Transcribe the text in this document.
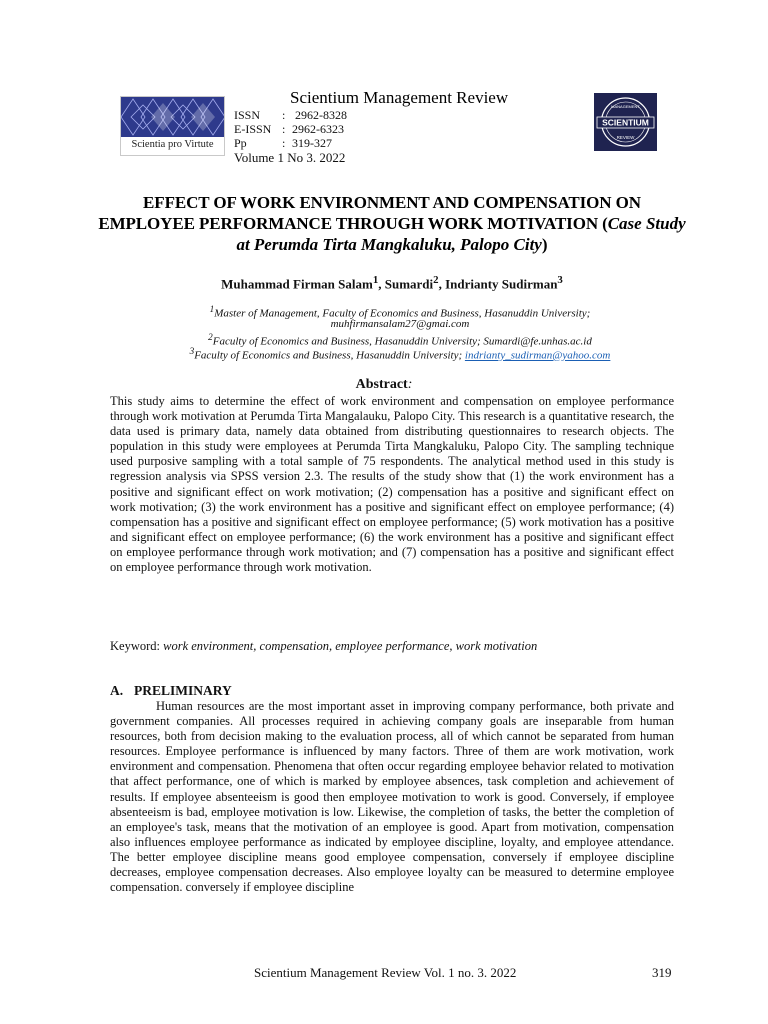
Scientia pro Virtute
Scientium Management Review
ISSN : 2962-8328
E-ISSN : 2962-6323
Pp	: 319-327
Volume 1 No 3. 2022
SCIENTIUM
MANAGEMENT
REVIEW
EFFECT OF WORK ENVIRONMENT AND COMPENSATION ON EMPLOYEE PERFORMANCE THROUGH WORK MOTIVATION (Case Study at Perumda Tirta Mangkaluku, Palopo City)
Muhammad Firman Salam$^1$, Sumardi$^2$, Indrianty Sudirman$^3$
$^1$Master of Management, Faculty of Economics and Business, Hasanuddin University;
muhfirmansalam27@gmai.com
$^2$Faculty of Economics and Business, Hasanuddin University; Sumardi@fe.unhas.ac.id
$^3$Faculty of Economics and Business, Hasanuddin University; indrianty_sudirman@yahoo.com
Abstract:
This study aims to determine the effect of work environment and compensation on employee performance through work motivation at Perumda Tirta Mangalauku, Palopo City. This research is a quantitative research, the data used is primary data, namely data obtained from distributing questionnaires to research objects. The population in this study were employees at Perumda Tirta Mangkaluku, Palopo City. The sampling technique used purposive sampling with a total sample of 75 respondents. The analytical method used in this study is regression analysis via SPSS version 2.3. The results of the study show that (1) the work environment has a positive and significant effect on work motivation; (2) compensation has a positive and significant effect on work motivation; (3) the work environment has a positive and significant effect on employee performance; (4) compensation has a positive and significant effect on employee performance; (5) work motivation has a positive and significant effect on employee performance; (6) the work environment has a positive and significant effect on employee performance through work motivation; and (7) compensation has a positive and significant effect on employee performance through work motivation.
Keyword: work environment, compensation, employee performance, work motivation
A. PRELIMINARY
Human resources are the most important asset in improving company performance, both private and government companies. All processes required in achieving company goals are inseparable from human resources, both from decision making to the evaluation process, all of which cannot be separated from human resources. Employee performance is influenced by many factors. Three of them are work motivation, work environment and compensation. Phenomena that often occur regarding employee behavior related to motivation that affect performance, one of which is marked by employee absences, task completion and achievement of results. If employee absenteeism is good then employee motivation to work is good. Conversely, if employee absenteeism is bad, employee motivation is low. Likewise, the completion of tasks, the better the completion of an employee's task, means that the motivation of an employee is good. Apart from motivation, compensation also influences employee performance as indicated by employee discipline, loyalty, and employee attendance. The better employee discipline means good employee compensation, conversely if employee discipline decreases, employee compensation decreases. Also employee loyalty can be measured to determine employee compensation. conversely if employee discipline
Scientium Management Review Vol. 1 no. 3. 2022	319
